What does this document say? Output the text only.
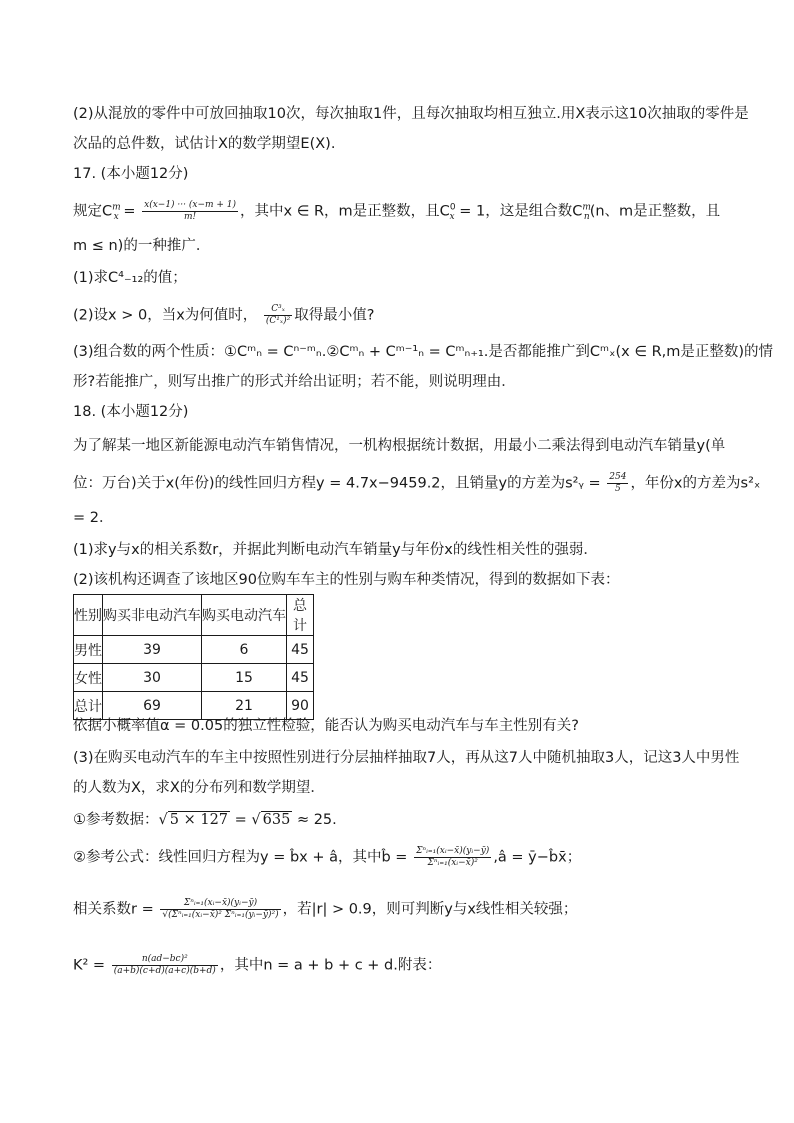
(2)从混放的零件中可放回抽取10次，每次抽取1件，且每次抽取均相互独立.用X表示这10次抽取的零件是
次品的总件数，试估计X的数学期望E(X).
17. (本小题12分)
规定$C^m_x = \frac{x(x-1) \cdot\cdot\cdot (x-m + 1)}{m!}$ ，其中x ∈ R，m是正整数，且$C^0_x = 1$，这是组合数$C^m_n(n$、m是正整数，且
m ≤ n)的一种推广．
(1)求C⁴₋₁₂的值；
(2)设x > 0，当x为何值时， $\frac{\text{C³ₓ}}{\text{(C¹ₓ)²}}$ 取得最小值?
(3)组合数的两个性质：①Cᵐₙ = Cⁿ⁻ᵐₙ.②Cᵐₙ + Cᵐ⁻¹ₙ = Cᵐₙ₊₁.是否都能推广到Cᵐₓ(x ∈ R,m是正整数)的情
形?若能推广，则写出推广的形式并给出证明；若不能，则说明理由．
18. (本小题12分)
为了解某一地区新能源电动汽车销售情况，一机构根据统计数据，用最小二乘法得到电动汽车销量y(单
位：万台)关于x(年份)的线性回归方程y = 4.7x−9459.2，且销量y的方差为s²ᵧ = $\frac{254}{5}$ ，年份x的方差为s²ₓ
= 2．
(1)求y与x的相关系数r，并据此判断电动汽车销量y与年份x的线性相关性的强弱．
(2)该机构还调查了该地区90位购车车主的性别与购车种类情况，得到的数据如下表：
性别	购买非电动汽车	购买电动汽车	总计
男性	39	6	45
女性	30	15	45
总计	69	21	90
依据小概率值α = 0.05的独立性检验，能否认为购买电动汽车与车主性别有关?
(3)在购买电动汽车的车主中按照性别进行分层抽样抽取7人，再从这7人中随机抽取3人，记这3人中男性
的人数为X，求X的分布列和数学期望．
①参考数据：√ 5 × 127 = √ 635 ≈ 25.
②参考公式：线性回归方程为y = b̂x + â，其中b̂ = $\frac{\text{Σⁿᵢ₌₁(xᵢ−x̄)(yᵢ−ȳ)}}{\text{Σⁿᵢ₌₁(xᵢ−x̄)²}}$ ,â = ȳ−b̂x̄；
相关系数$r = \frac{\text{Σⁿᵢ₌₁(xᵢ−x̄)(yᵢ−ȳ)}}{\text{√(Σⁿᵢ₌₁(xᵢ−x̄)² Σⁿᵢ₌₁(yᵢ−ȳ)²)}}$ ，若|r| > 0.9，则可判断y与x线性相关较强；
$K^2 = \frac{\text{n(ad−bc)²}}{(a+b)(c+d)(a+c)(b+d)}$ ，其中n = a + b + c + d.附表：
